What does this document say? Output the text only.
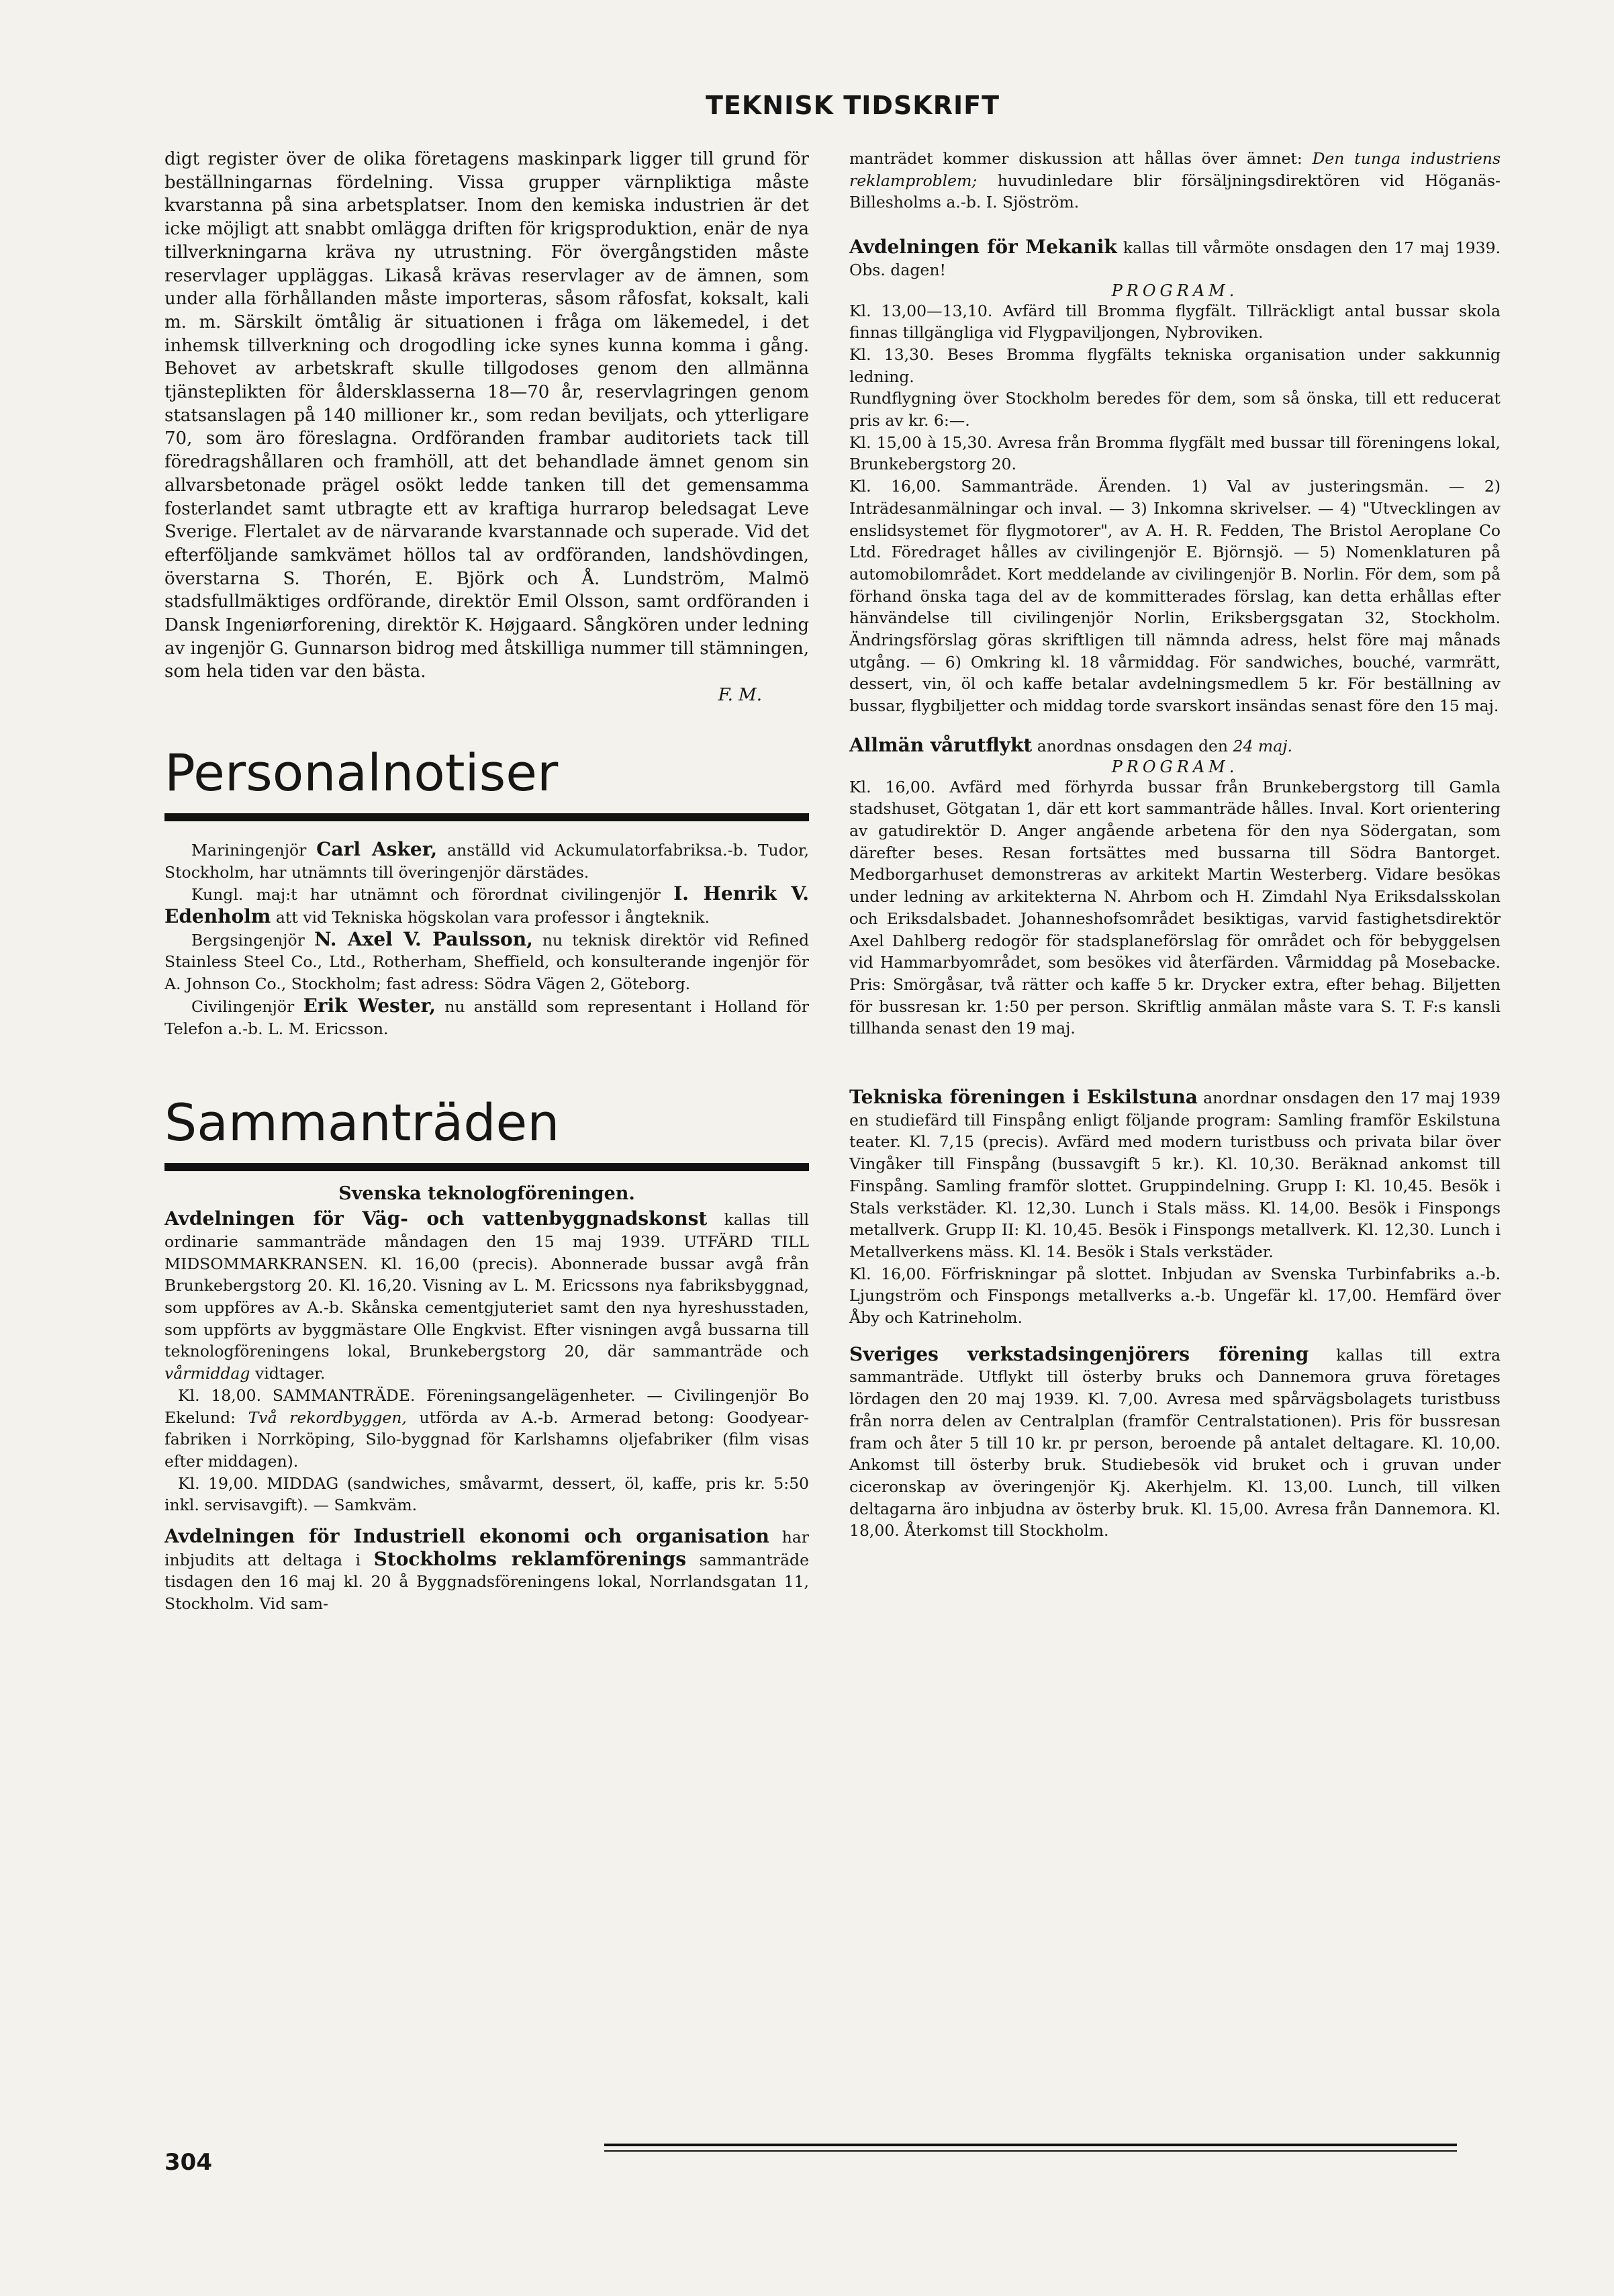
TEKNISK TIDSKRIFT

digt register över de olika företagens maskinpark ligger till grund för beställningarnas fördelning. Vissa grupper värnpliktiga måste kvarstanna på sina arbetsplatser. Inom den kemiska industrien är det icke möjligt att snabbt omlägga driften för krigsproduktion, enär de nya tillverkningarna kräva ny utrustning. För övergångstiden måste reservlager uppläggas. Likaså krävas reservlager av de ämnen, som under alla förhållanden måste importeras, såsom råfosfat, koksalt, kali m. m. Särskilt ömtålig är situationen i fråga om läkemedel, i det inhemsk tillverkning och drogodling icke synes kunna komma i gång. Behovet av arbetskraft skulle tillgodoses genom den allmänna tjänsteplikten för åldersklasserna 18—70 år, reservlagringen genom statsanslagen på 140 millioner kr., som redan beviljats, och ytterligare 70, som äro föreslagna. Ordföranden frambar auditoriets tack till föredragshållaren och framhöll, att det behandlade ämnet genom sin allvarsbetonade prägel osökt ledde tanken till det gemensamma fosterlandet samt utbragte ett av kraftiga hurrarop beledsagat Leve Sverige. Flertalet av de närvarande kvarstannade och superade. Vid det efterföljande samkvämet höllos tal av ordföranden, landshövdingen, överstarna S. Thorén, E. Björk och Å. Lundström, Malmö stadsfullmäktiges ordförande, direktör Emil Olsson, samt ordföranden i Dansk Ingeniørforening, direktör K. Højgaard. Sångkören under ledning av ingenjör G. Gunnarson bidrog med åtskilliga nummer till stämningen, som hela tiden var den bästa.

F. M.
Personalnotiser

Mariningenjör Carl Asker, anställd vid Ackumulatorfabriksa.-b. Tudor, Stockholm, har utnämnts till överingenjör därstädes.

Kungl. maj:t har utnämnt och förordnat civilingenjör I. Henrik V. Edenholm att vid Tekniska högskolan vara professor i ångteknik.

Bergsingenjör N. Axel V. Paulsson, nu teknisk direktör vid Refined Stainless Steel Co., Ltd., Rotherham, Sheffield, och konsulterande ingenjör för A. Johnson Co., Stockholm; fast adress: Södra Vägen 2, Göteborg.

Civilingenjör Erik Wester, nu anställd som representant i Holland för Telefon a.-b. L. M. Ericsson.

Sammanträden

Svenska teknologföreningen.

Avdelningen för Väg- och vattenbyggnadskonst kallas till ordinarie sammanträde måndagen den 15 maj 1939. UTFÄRD TILL MIDSOMMARKRANSEN. Kl. 16,00 (precis). Abonnerade bussar avgå från Brunkebergstorg 20. Kl. 16,20. Visning av L. M. Ericssons nya fabriksbyggnad, som uppföres av A.-b. Skånska cementgjuteriet samt den nya hyreshusstaden, som uppförts av byggmästare Olle Engkvist. Efter visningen avgå bussarna till teknologföreningens lokal, Brunkebergstorg 20, där sammanträde och vårmiddag vidtager.

Kl. 18,00. SAMMANTRÄDE. Föreningsangelägenheter. — Civilingenjör Bo Ekelund: Två rekordbyggen, utförda av A.-b. Armerad betong: Goodyear-fabriken i Norrköping, Silo-byggnad för Karlshamns oljefabriker (film visas efter middagen).

Kl. 19,00. MIDDAG (sandwiches, småvarmt, dessert, öl, kaffe, pris kr. 5:50 inkl. servisavgift). — Samkväm.

Avdelningen för Industriell ekonomi och organisation har inbjudits att deltaga i Stockholms reklamförenings sammanträde tisdagen den 16 maj kl. 20 å Byggnadsföreningens lokal, Norrlandsgatan 11, Stockholm. Vid sam-

manträdet kommer diskussion att hållas över ämnet: Den tunga industriens reklamproblem; huvudinledare blir försäljningsdirektören vid Höganäs-Billesholms a.-b. I. Sjöström.

Avdelningen för Mekanik kallas till vårmöte onsdagen den 17 maj 1939. Obs. dagen!

PROGRAM.

Kl. 13,00—13,10. Avfärd till Bromma flygfält. Tillräckligt antal bussar skola finnas tillgängliga vid Flygpaviljongen, Nybroviken.

Kl. 13,30. Beses Bromma flygfälts tekniska organisation under sakkunnig ledning.

Rundflygning över Stockholm beredes för dem, som så önska, till ett reducerat pris av kr. 6:—.

Kl. 15,00 à 15,30. Avresa från Bromma flygfält med bussar till föreningens lokal, Brunkebergstorg 20.

Kl. 16,00. Sammanträde. Ärenden. 1) Val av justeringsmän. — 2) Inträdesanmälningar och inval. — 3) Inkomna skrivelser. — 4) "Utvecklingen av enslidsystemet för flygmotorer", av A. H. R. Fedden, The Bristol Aeroplane Co Ltd. Föredraget hålles av civilingenjör E. Björnsjö. — 5) Nomenklaturen på automobilområdet. Kort meddelande av civilingenjör B. Norlin. För dem, som på förhand önska taga del av de kommitterades förslag, kan detta erhållas efter hänvändelse till civilingenjör Norlin, Eriksbergsgatan 32, Stockholm. Ändringsförslag göras skriftligen till nämnda adress, helst före maj månads utgång. — 6) Omkring kl. 18 vårmiddag. För sandwiches, bouché, varmrätt, dessert, vin, öl och kaffe betalar avdelningsmedlem 5 kr. För beställning av bussar, flygbiljetter och middag torde svarskort insändas senast före den 15 maj.

Allmän vårutflykt anordnas onsdagen den 24 maj.

PROGRAM.

Kl. 16,00. Avfärd med förhyrda bussar från Brunkebergstorg till Gamla stadshuset, Götgatan 1, där ett kort sammanträde hålles. Inval. Kort orientering av gatudirektör D. Anger angående arbetena för den nya Södergatan, som därefter beses. Resan fortsättes med bussarna till Södra Bantorget. Medborgarhuset demonstreras av arkitekt Martin Westerberg. Vidare besökas under ledning av arkitekterna N. Ahrbom och H. Zimdahl Nya Eriksdalsskolan och Eriksdalsbadet. Johanneshofsområdet besiktigas, varvid fastighetsdirektör Axel Dahlberg redogör för stadsplaneförslag för området och för bebyggelsen vid Hammarbyområdet, som besökes vid återfärden. Vårmiddag på Mosebacke. Pris: Smörgåsar, två rätter och kaffe 5 kr. Drycker extra, efter behag. Biljetten för bussresan kr. 1:50 per person. Skriftlig anmälan måste vara S. T. F:s kansli tillhanda senast den 19 maj.

Tekniska föreningen i Eskilstuna anordnar onsdagen den 17 maj 1939 en studiefärd till Finspång enligt följande program: Samling framför Eskilstuna teater. Kl. 7,15 (precis). Avfärd med modern turistbuss och privata bilar över Vingåker till Finspång (bussavgift 5 kr.). Kl. 10,30. Beräknad ankomst till Finspång. Samling framför slottet. Gruppindelning. Grupp I: Kl. 10,45. Besök i Stals verkstäder. Kl. 12,30. Lunch i Stals mäss. Kl. 14,00. Besök i Finspongs metallverk. Grupp II: Kl. 10,45. Besök i Finspongs metallverk. Kl. 12,30. Lunch i Metallverkens mäss. Kl. 14. Besök i Stals verkstäder.

Kl. 16,00. Förfriskningar på slottet. Inbjudan av Svenska Turbinfabriks a.-b. Ljungström och Finspongs metallverks a.-b. Ungefär kl. 17,00. Hemfärd över Åby och Katrineholm.

Sveriges verkstadsingenjörers förening kallas till extra sammanträde. Utflykt till österby bruks och Dannemora gruva företages lördagen den 20 maj 1939. Kl. 7,00. Avresa med spårvägsbolagets turistbuss från norra delen av Centralplan (framför Centralstationen). Pris för bussresan fram och åter 5 till 10 kr. pr person, beroende på antalet deltagare. Kl. 10,00. Ankomst till österby bruk. Studiebesök vid bruket och i gruvan under ciceronskap av överingenjör Kj. Akerhjelm. Kl. 13,00. Lunch, till vilken deltagarna äro inbjudna av österby bruk. Kl. 15,00. Avresa från Dannemora. Kl. 18,00. Återkomst till Stockholm.

304
